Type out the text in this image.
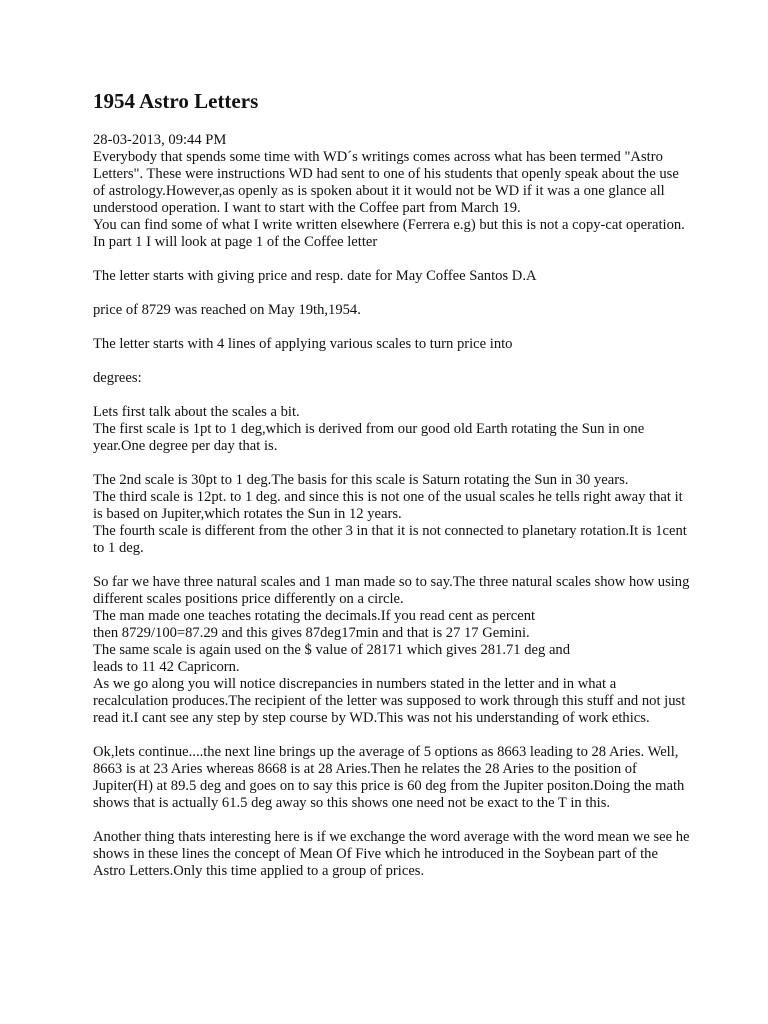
1954 Astro Letters

28-03-2013, 09:44 PM
Everybody that spends some time with WD´s writings comes across what has been termed "Astro Letters". These were instructions WD had sent to one of his students that openly speak about the use of astrology.However,as openly as is spoken about it it would not be WD if it was a one glance all understood operation. I want to start with the Coffee part from March 19.
You can find some of what I write written elsewhere (Ferrera e.g) but this is not a copy-cat operation. In part 1 I will look at page 1 of the Coffee letter

The letter starts with giving price and resp. date for May Coffee Santos D.A

price of 8729 was reached on May 19th,1954.

The letter starts with 4 lines of applying various scales to turn price into

degrees:

Lets first talk about the scales a bit.
The first scale is 1pt to 1 deg,which is derived from our good old Earth rotating the Sun in one year.One degree per day that is.

The 2nd scale is 30pt to 1 deg.The basis for this scale is Saturn rotating the Sun in 30 years.
The third scale is 12pt. to 1 deg. and since this is not one of the usual scales he tells right away that it is based on Jupiter,which rotates the Sun in 12 years.
The fourth scale is different from the other 3 in that it is not connected to planetary rotation.It is 1cent to 1 deg.

So far we have three natural scales and 1 man made so to say.The three natural scales show how using different scales positions price differently on a circle.
The man made one teaches rotating the decimals.If you read cent as percent
then 8729/100=87.29 and this gives 87deg17min and that is 27 17 Gemini.
The same scale is again used on the $ value of 28171 which gives 281.71 deg and
leads to 11 42 Capricorn.
As we go along you will notice discrepancies in numbers stated in the letter and in what a recalculation produces.The recipient of the letter was supposed to work through this stuff and not just read it.I cant see any step by step course by WD.This was not his understanding of work ethics.

Ok,lets continue....the next line brings up the average of 5 options as 8663 leading to 28 Aries. Well, 8663 is at 23 Aries whereas 8668 is at 28 Aries.Then he relates the 28 Aries to the position of Jupiter(H) at 89.5 deg and goes on to say this price is 60 deg from the Jupiter positon.Doing the math shows that is actually 61.5 deg away so this shows one need not be exact to the T in this.

Another thing thats interesting here is if we exchange the word average with the word mean we see he shows in these lines the concept of Mean Of Five which he introduced in the Soybean part of the Astro Letters.Only this time applied to a group of prices.
